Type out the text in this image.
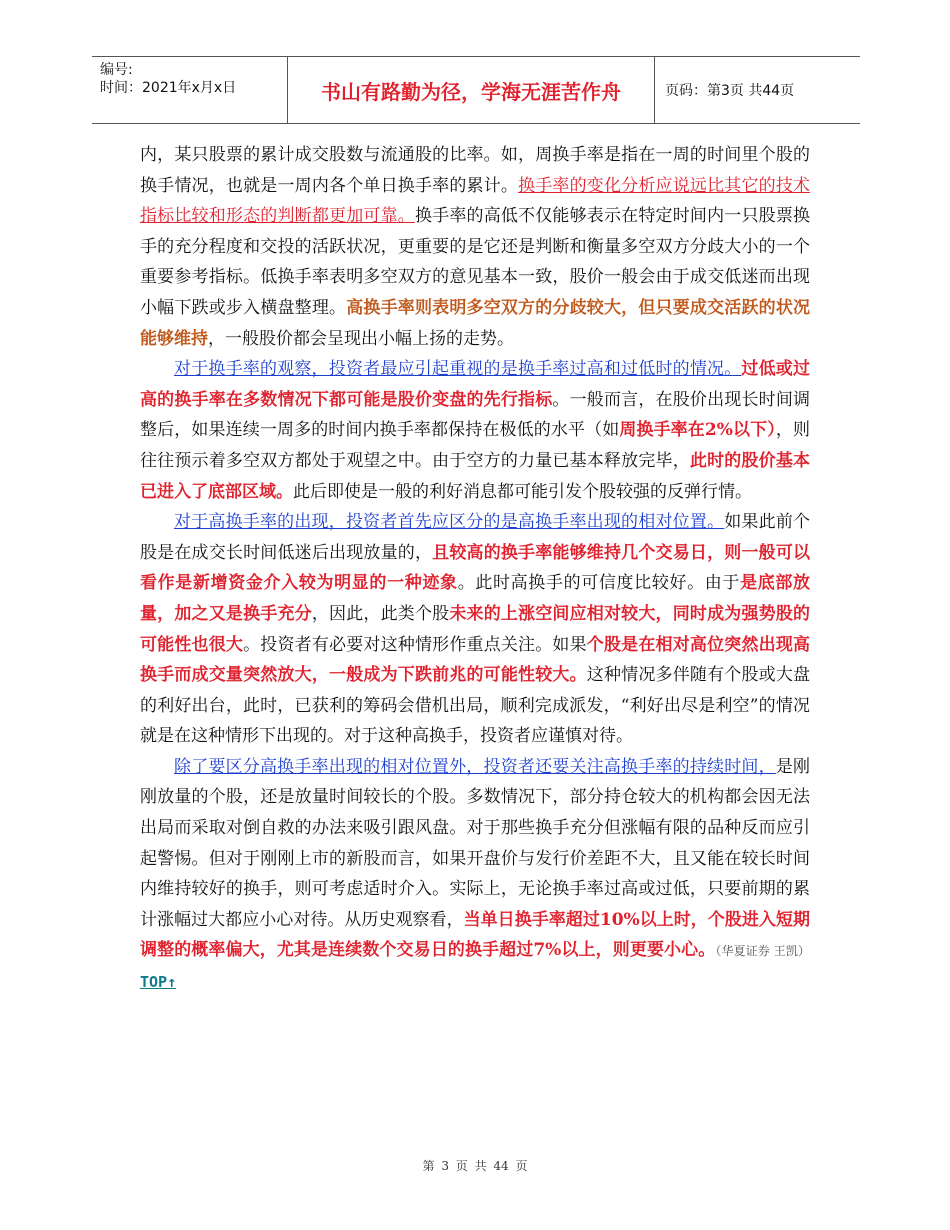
编号:
时间：2021年x月x日	书山有路勤为径，学海无涯苦作舟	页码：第3页 共44页

内，某只股票的累计成交股数与流通股的比率。如，周换手率是指在一周的时间里个股的换手情况，也就是一周内各个单日换手率的累计。换手率的变化分析应说远比其它的技术指标比较和形态的判断都更加可靠。换手率的高低不仅能够表示在特定时间内一只股票换手的充分程度和交投的活跃状况，更重要的是它还是判断和衡量多空双方分歧大小的一个重要参考指标。低换手率表明多空双方的意见基本一致，股价一般会由于成交低迷而出现小幅下跌或步入横盘整理。高换手率则表明多空双方的分歧较大，但只要成交活跃的状况能够维持，一般股价都会呈现出小幅上扬的走势。

对于换手率的观察，投资者最应引起重视的是换手率过高和过低时的情况。过低或过高的换手率在多数情况下都可能是股价变盘的先行指标。一般而言，在股价出现长时间调整后，如果连续一周多的时间内换手率都保持在极低的水平（如周换手率在2%以下），则往往预示着多空双方都处于观望之中。由于空方的力量已基本释放完毕，此时的股价基本已进入了底部区域。此后即使是一般的利好消息都可能引发个股较强的反弹行情。

对于高换手率的出现，投资者首先应区分的是高换手率出现的相对位置。如果此前个股是在成交长时间低迷后出现放量的，且较高的换手率能够维持几个交易日，则一般可以看作是新增资金介入较为明显的一种迹象。此时高换手的可信度比较好。由于是底部放量，加之又是换手充分，因此，此类个股未来的上涨空间应相对较大，同时成为强势股的可能性也很大。投资者有必要对这种情形作重点关注。如果个股是在相对高位突然出现高换手而成交量突然放大，一般成为下跌前兆的可能性较大。这种情况多伴随有个股或大盘的利好出台，此时，已获利的筹码会借机出局，顺利完成派发，“利好出尽是利空”的情况就是在这种情形下出现的。对于这种高换手，投资者应谨慎对待。

除了要区分高换手率出现的相对位置外，投资者还要关注高换手率的持续时间，是刚刚放量的个股，还是放量时间较长的个股。多数情况下，部分持仓较大的机构都会因无法出局而采取对倒自救的办法来吸引跟风盘。对于那些换手充分但涨幅有限的品种反而应引起警惕。但对于刚刚上市的新股而言，如果开盘价与发行价差距不大，且又能在较长时间内维持较好的换手，则可考虑适时介入。实际上，无论换手率过高或过低，只要前期的累计涨幅过大都应小心对待。从历史观察看，当单日换手率超过10%以上时，个股进入短期调整的概率偏大，尤其是连续数个交易日的换手超过7%以上，则更要小心。（华夏证券 王凯）TOP↑

第 3 页 共 44 页
